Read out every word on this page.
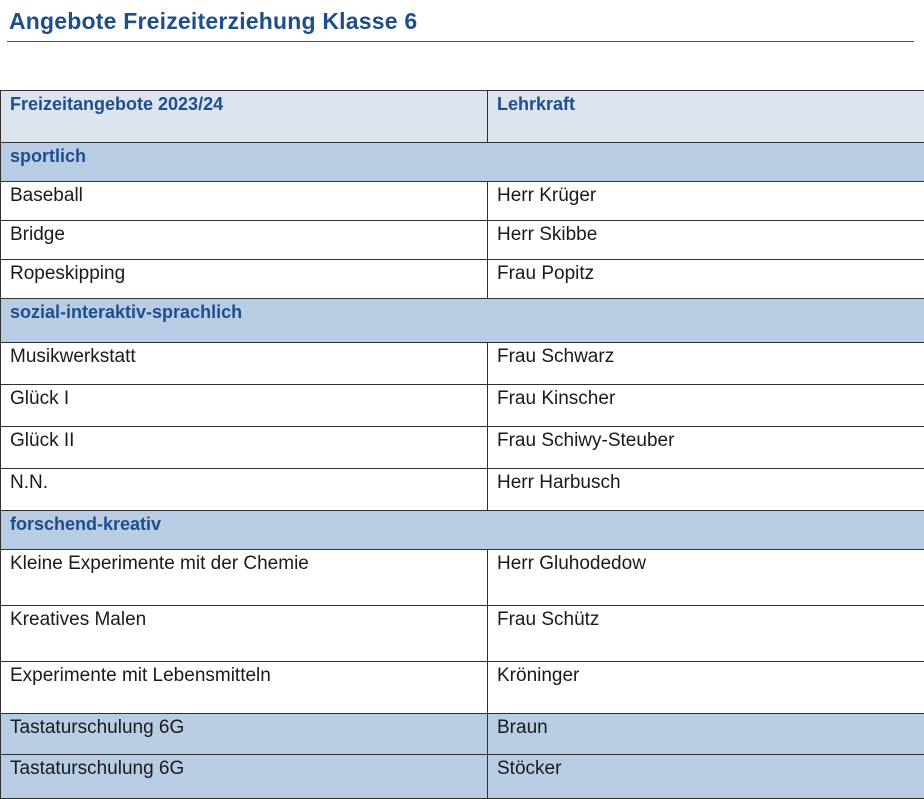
Angebote Freizeiterziehung Klasse 6
Freizeitangebote 2023/24	Lehrkraft
sportlich	
Baseball	Herr Krüger
Bridge	Herr Skibbe
Ropeskipping	Frau Popitz
sozial-interaktiv-sprachlich	
Musikwerkstatt	Frau Schwarz
Glück I	Frau Kinscher
Glück II	Frau Schiwy-Steuber
N.N.	Herr Harbusch
forschend-kreativ	
Kleine Experimente mit der Chemie	Herr Gluhodedow
Kreatives Malen	Frau Schütz
Experimente mit Lebensmitteln	Kröninger
Tastaturschulung 6G	Braun
Tastaturschulung 6G	Stöcker
